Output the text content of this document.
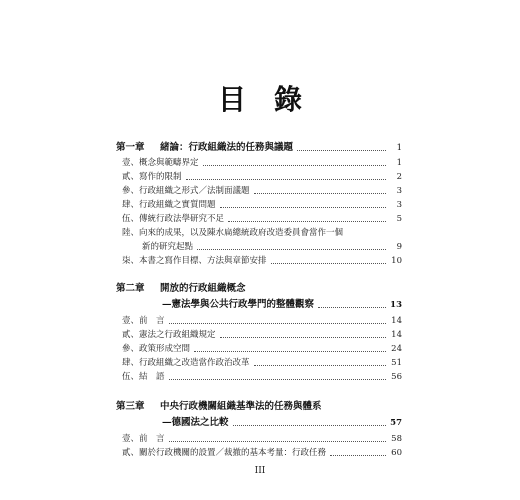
目 錄
第一章	緒論：行政組織法的任務與議題	1
壹、概念與範疇界定	1
貳、寫作的限制	2
參、行政組織之形式／法制面議題	3
肆、行政組織之實質問題	3
伍、傳統行政法學研究不足	5
陸、向來的成果，以及陳水扁總統政府改造委員會當作一個
新的研究起點	9
柒、本書之寫作目標、方法與章節安排	10
第二章	開放的行政組織概念
—憲法學與公共行政學門的整體觀察	13
壹、前　言	14
貳、憲法之行政組織規定	14
參、政策形成空間	24
肆、行政組織之改造當作政治改革	51
伍、結　語	56
第三章	中央行政機關組織基準法的任務與體系
—德國法之比較	57
壹、前　言	58
貳、關於行政機關的設置／裁撤的基本考量：行政任務	60
III
